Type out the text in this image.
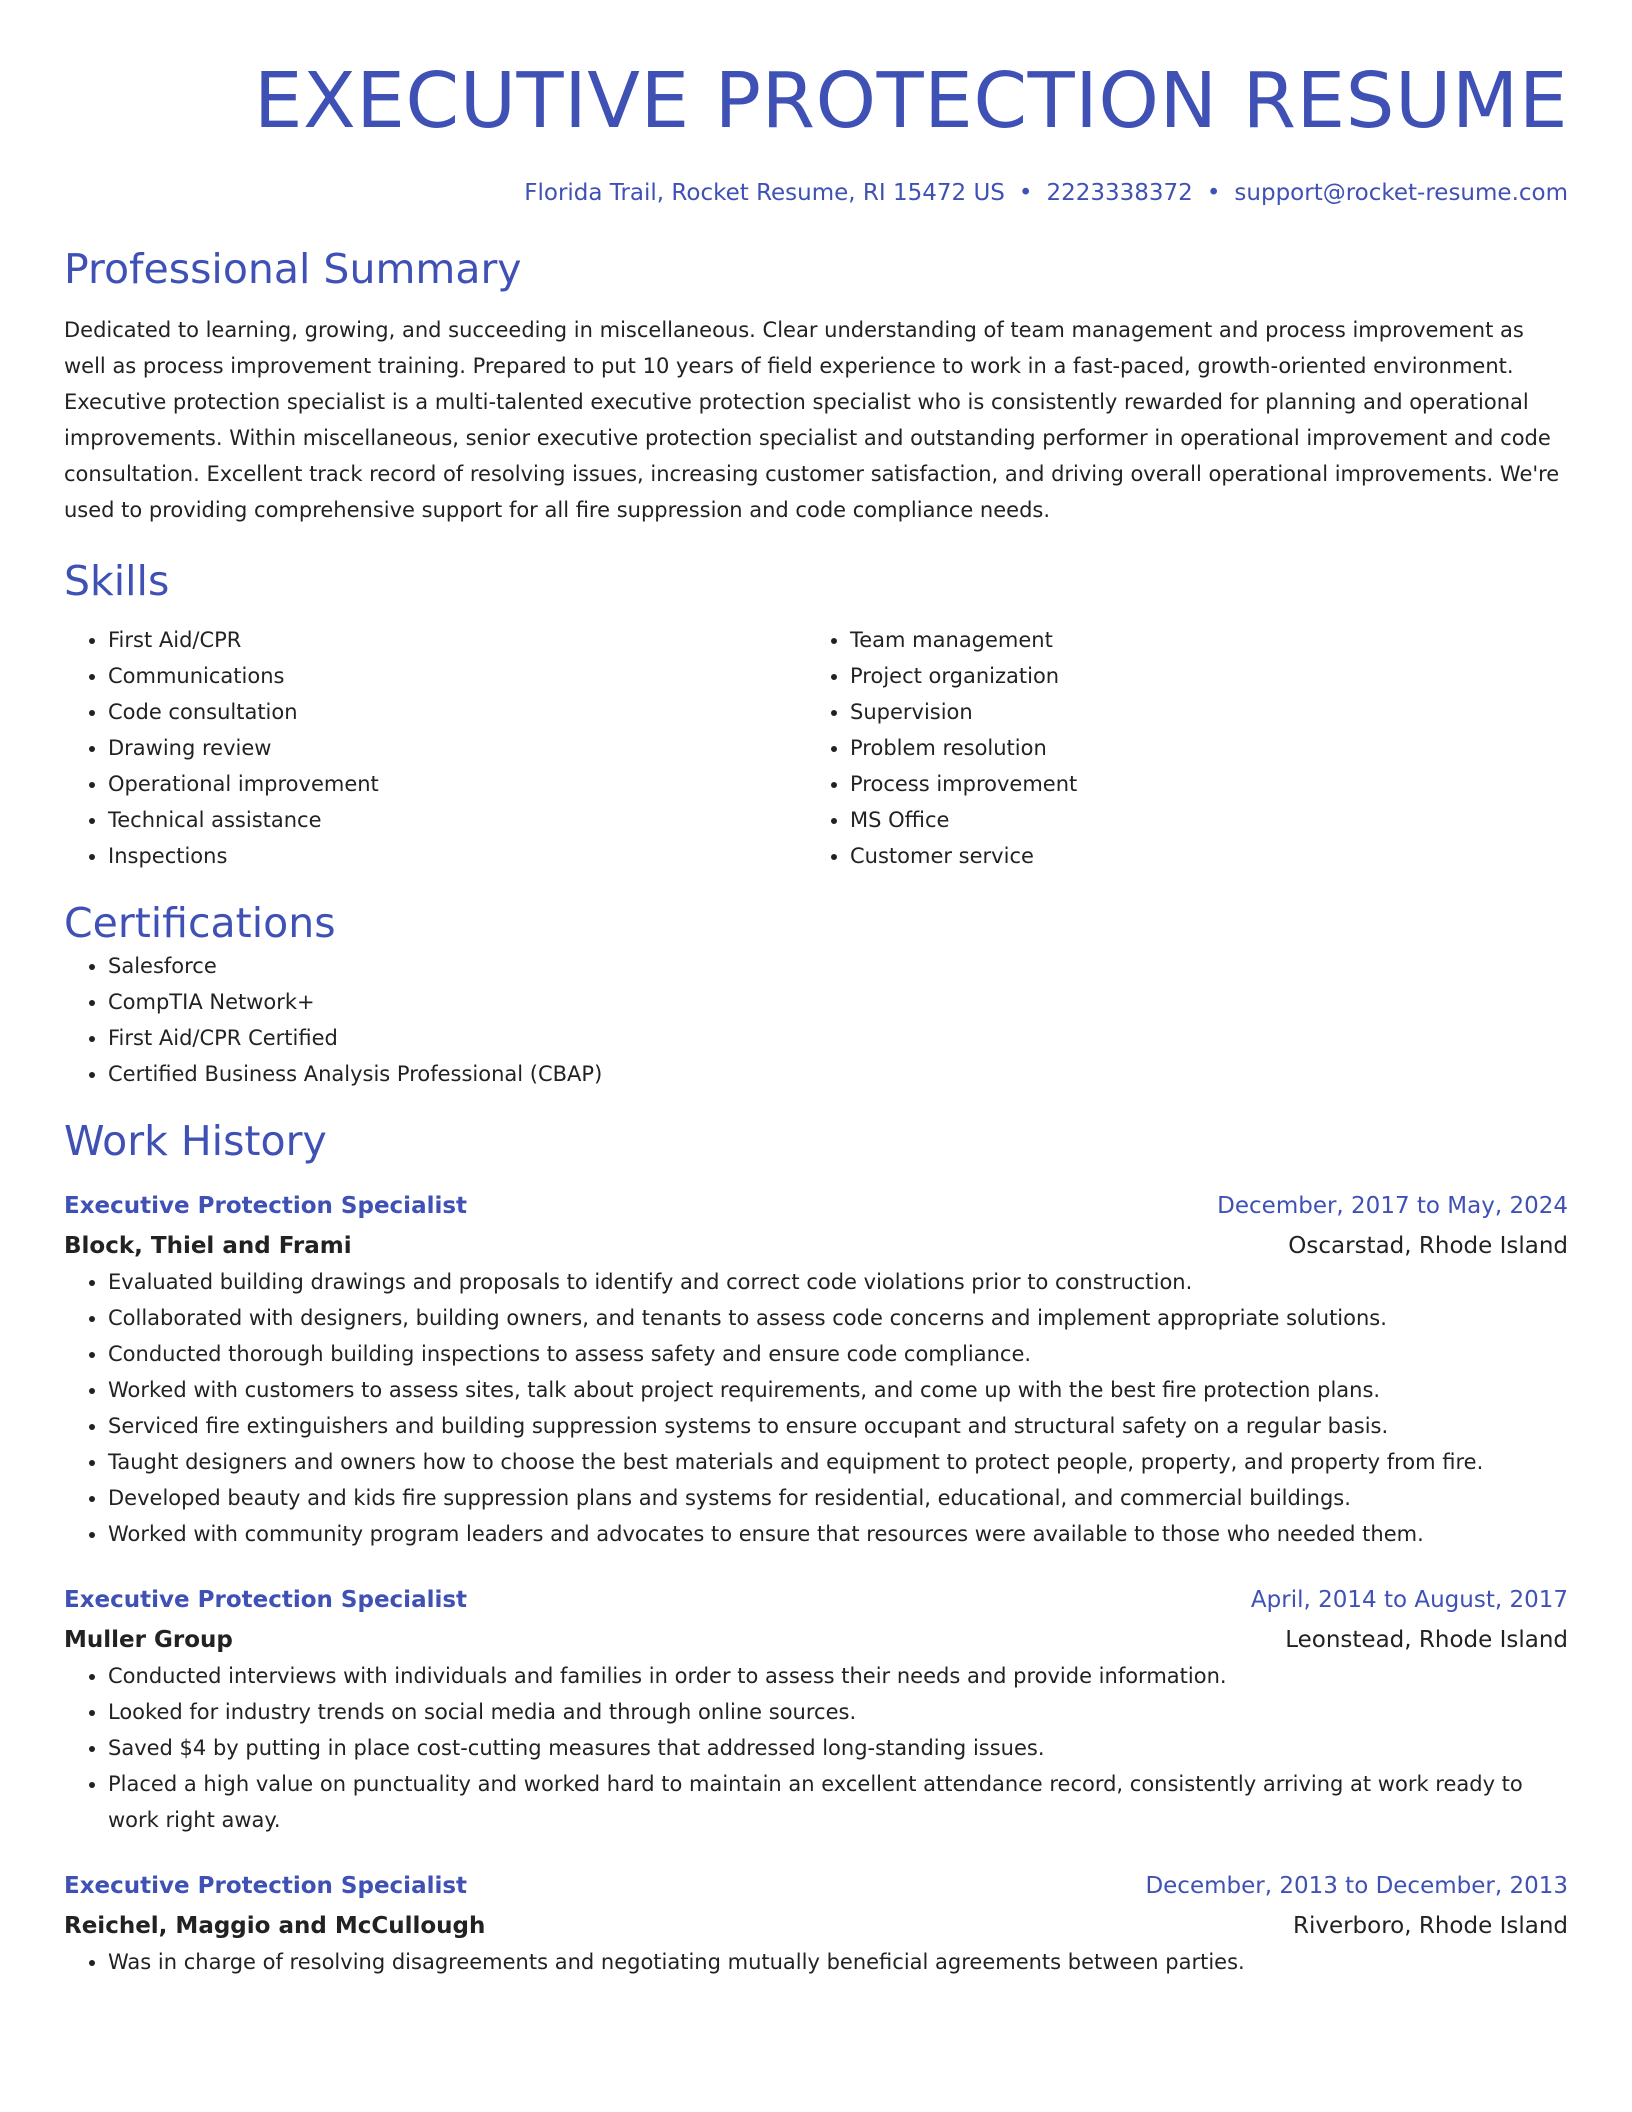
EXECUTIVE PROTECTION RESUME
Florida Trail, Rocket Resume, RI 15472 US • 2223338372 • support@rocket-resume.com
Professional Summary

Dedicated to learning, growing, and succeeding in miscellaneous. Clear understanding of team management and process improvement as well as process improvement training. Prepared to put 10 years of field experience to work in a fast-paced, growth-oriented environment. Executive protection specialist is a multi-talented executive protection specialist who is consistently rewarded for planning and operational improvements. Within miscellaneous, senior executive protection specialist and outstanding performer in operational improvement and code consultation. Excellent track record of resolving issues, increasing customer satisfaction, and driving overall operational improvements. We're used to providing comprehensive support for all fire suppression and code compliance needs.

Skills
• First Aid/CPR
• Communications
• Code consultation
• Drawing review
• Operational improvement
• Technical assistance
• Inspections
• Team management
• Project organization
• Supervision
• Problem resolution
• Process improvement
• MS Office
• Customer service
Certifications
• Salesforce
• CompTIA Network+
• First Aid/CPR Certified
• Certified Business Analysis Professional (CBAP)
Work History
Executive Protection Specialist	December, 2017 to May, 2024
Block, Thiel and Frami	Oscarstad, Rhode Island
• Evaluated building drawings and proposals to identify and correct code violations prior to construction.
• Collaborated with designers, building owners, and tenants to assess code concerns and implement appropriate solutions.
• Conducted thorough building inspections to assess safety and ensure code compliance.
• Worked with customers to assess sites, talk about project requirements, and come up with the best fire protection plans.
• Serviced fire extinguishers and building suppression systems to ensure occupant and structural safety on a regular basis.
• Taught designers and owners how to choose the best materials and equipment to protect people, property, and property from fire.
• Developed beauty and kids fire suppression plans and systems for residential, educational, and commercial buildings.
• Worked with community program leaders and advocates to ensure that resources were available to those who needed them.
Executive Protection Specialist	April, 2014 to August, 2017
Muller Group	Leonstead, Rhode Island
• Conducted interviews with individuals and families in order to assess their needs and provide information.
• Looked for industry trends on social media and through online sources.
• Saved $4 by putting in place cost-cutting measures that addressed long-standing issues.
• Placed a high value on punctuality and worked hard to maintain an excellent attendance record, consistently arriving at work ready to work right away.
Executive Protection Specialist	December, 2013 to December, 2013
Reichel, Maggio and McCullough	Riverboro, Rhode Island
• Was in charge of resolving disagreements and negotiating mutually beneficial agreements between parties.
